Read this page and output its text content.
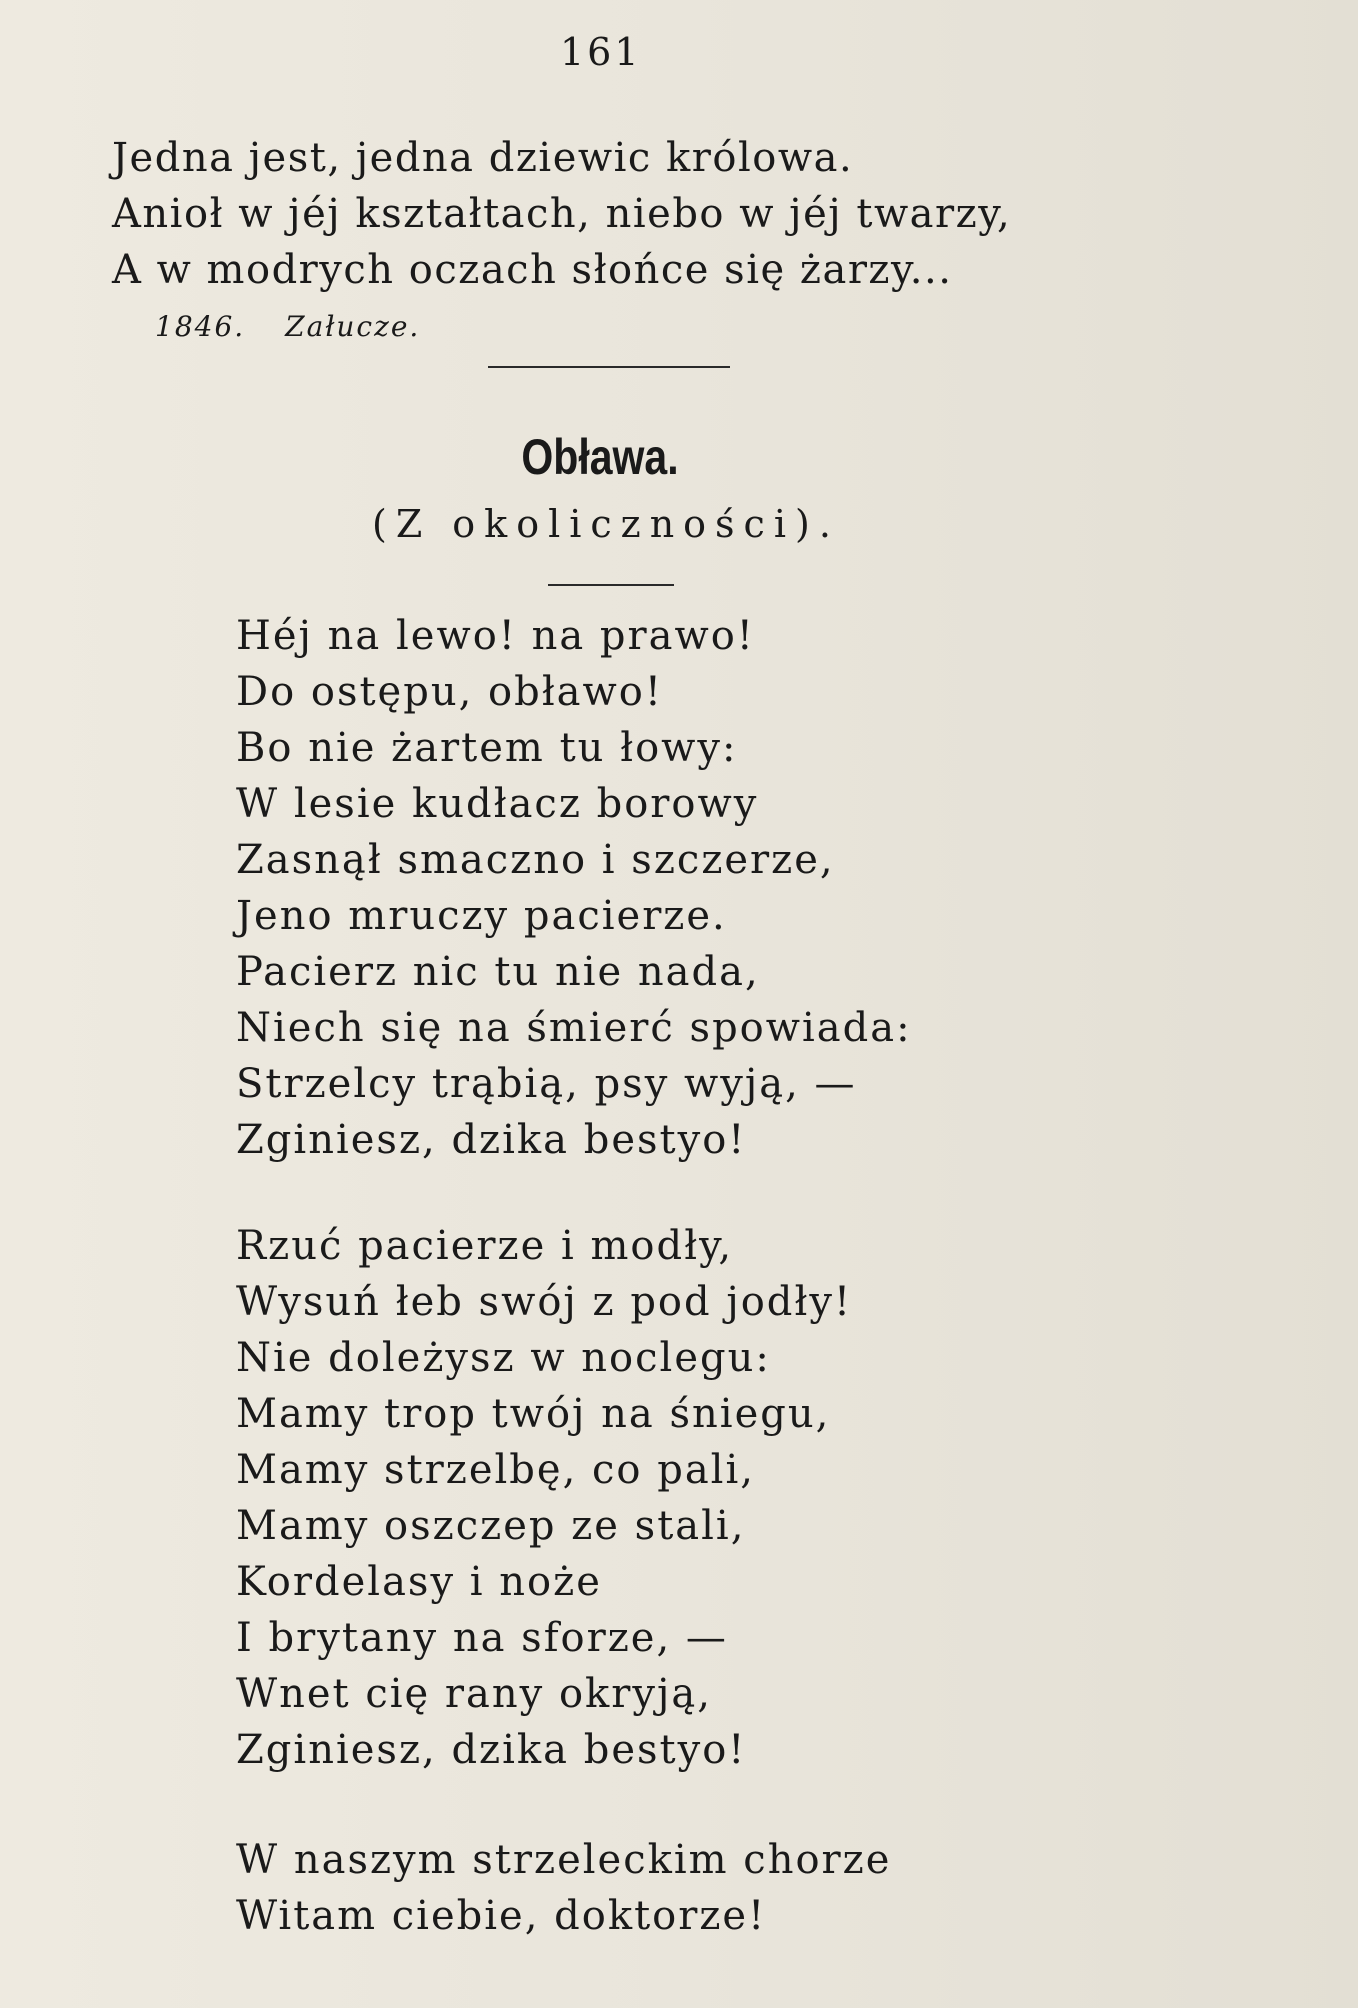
161
Jedna jest, jedna dziewic królowa.
Anioł w jéj kształtach, niebo w jéj twarzy,
A w modrych oczach słońce się żarzy...
1846. Załucze.
Obława.
(Z okoliczności).
Héj na lewo! na prawo!
Do ostępu, obławo!
Bo nie żartem tu łowy:
W lesie kudłacz borowy
Zasnął smaczno i szczerze,
Jeno mruczy pacierze.
Pacierz nic tu nie nada,
Niech się na śmierć spowiada:
Strzelcy trąbią, psy wyją, —
Zginiesz, dzika bestyo!
Rzuć pacierze i modły,
Wysuń łeb swój z pod jodły!
Nie doleżysz w noclegu:
Mamy trop twój na śniegu,
Mamy strzelbę, co pali,
Mamy oszczep ze stali,
Kordelasy i noże
I brytany na sforze, —
Wnet cię rany okryją,
Zginiesz, dzika bestyo!
W naszym strzeleckim chorze
Witam ciebie, doktorze!
